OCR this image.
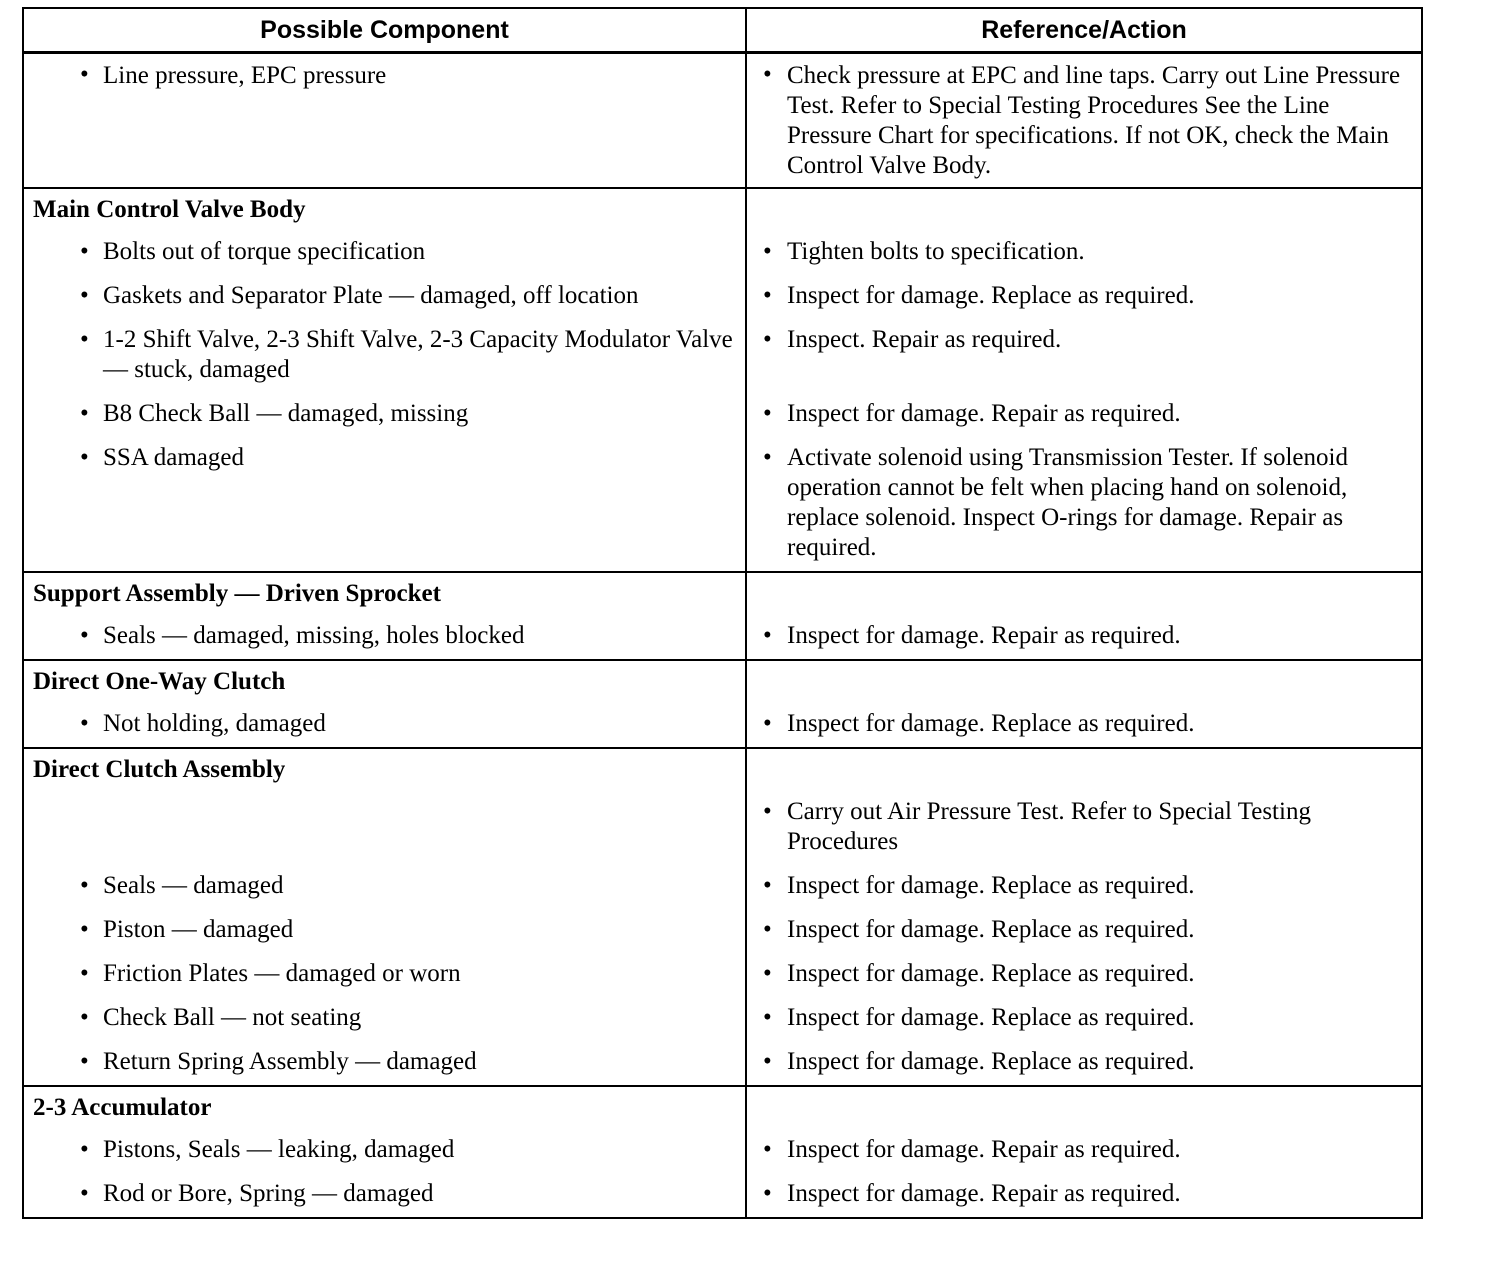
Possible Component	Reference/Action

• Line pressure, EPC pressure	• Check pressure at EPC and line taps. Carry out Line Pressure Test. Refer to Special Testing Procedures See the Line Pressure Chart for specifications. If not OK, check the Main Control Valve Body.

Main Control Valve Body	

• Bolts out of torque specification	• Tighten bolts to specification.

• Gaskets and Separator Plate — damaged, off location	• Inspect for damage. Replace as required.

• 1-2 Shift Valve, 2-3 Shift Valve, 2-3 Capacity Modulator Valve — stuck, damaged	• Inspect. Repair as required.

• B8 Check Ball — damaged, missing	• Inspect for damage. Repair as required.

• SSA damaged	• Activate solenoid using Transmission Tester. If solenoid operation cannot be felt when placing hand on solenoid, replace solenoid. Inspect O-rings for damage. Repair as required.

Support Assembly — Driven Sprocket	

• Seals — damaged, missing, holes blocked	• Inspect for damage. Repair as required.

Direct One-Way Clutch	

• Not holding, damaged	• Inspect for damage. Replace as required.

Direct Clutch Assembly	

	• Carry out Air Pressure Test. Refer to Special Testing Procedures

• Seals — damaged	• Inspect for damage. Replace as required.

• Piston — damaged	• Inspect for damage. Replace as required.

• Friction Plates — damaged or worn	• Inspect for damage. Replace as required.

• Check Ball — not seating	• Inspect for damage. Replace as required.

• Return Spring Assembly — damaged	• Inspect for damage. Replace as required.

2-3 Accumulator	

• Pistons, Seals — leaking, damaged	• Inspect for damage. Repair as required.

• Rod or Bore, Spring — damaged	• Inspect for damage. Repair as required.
